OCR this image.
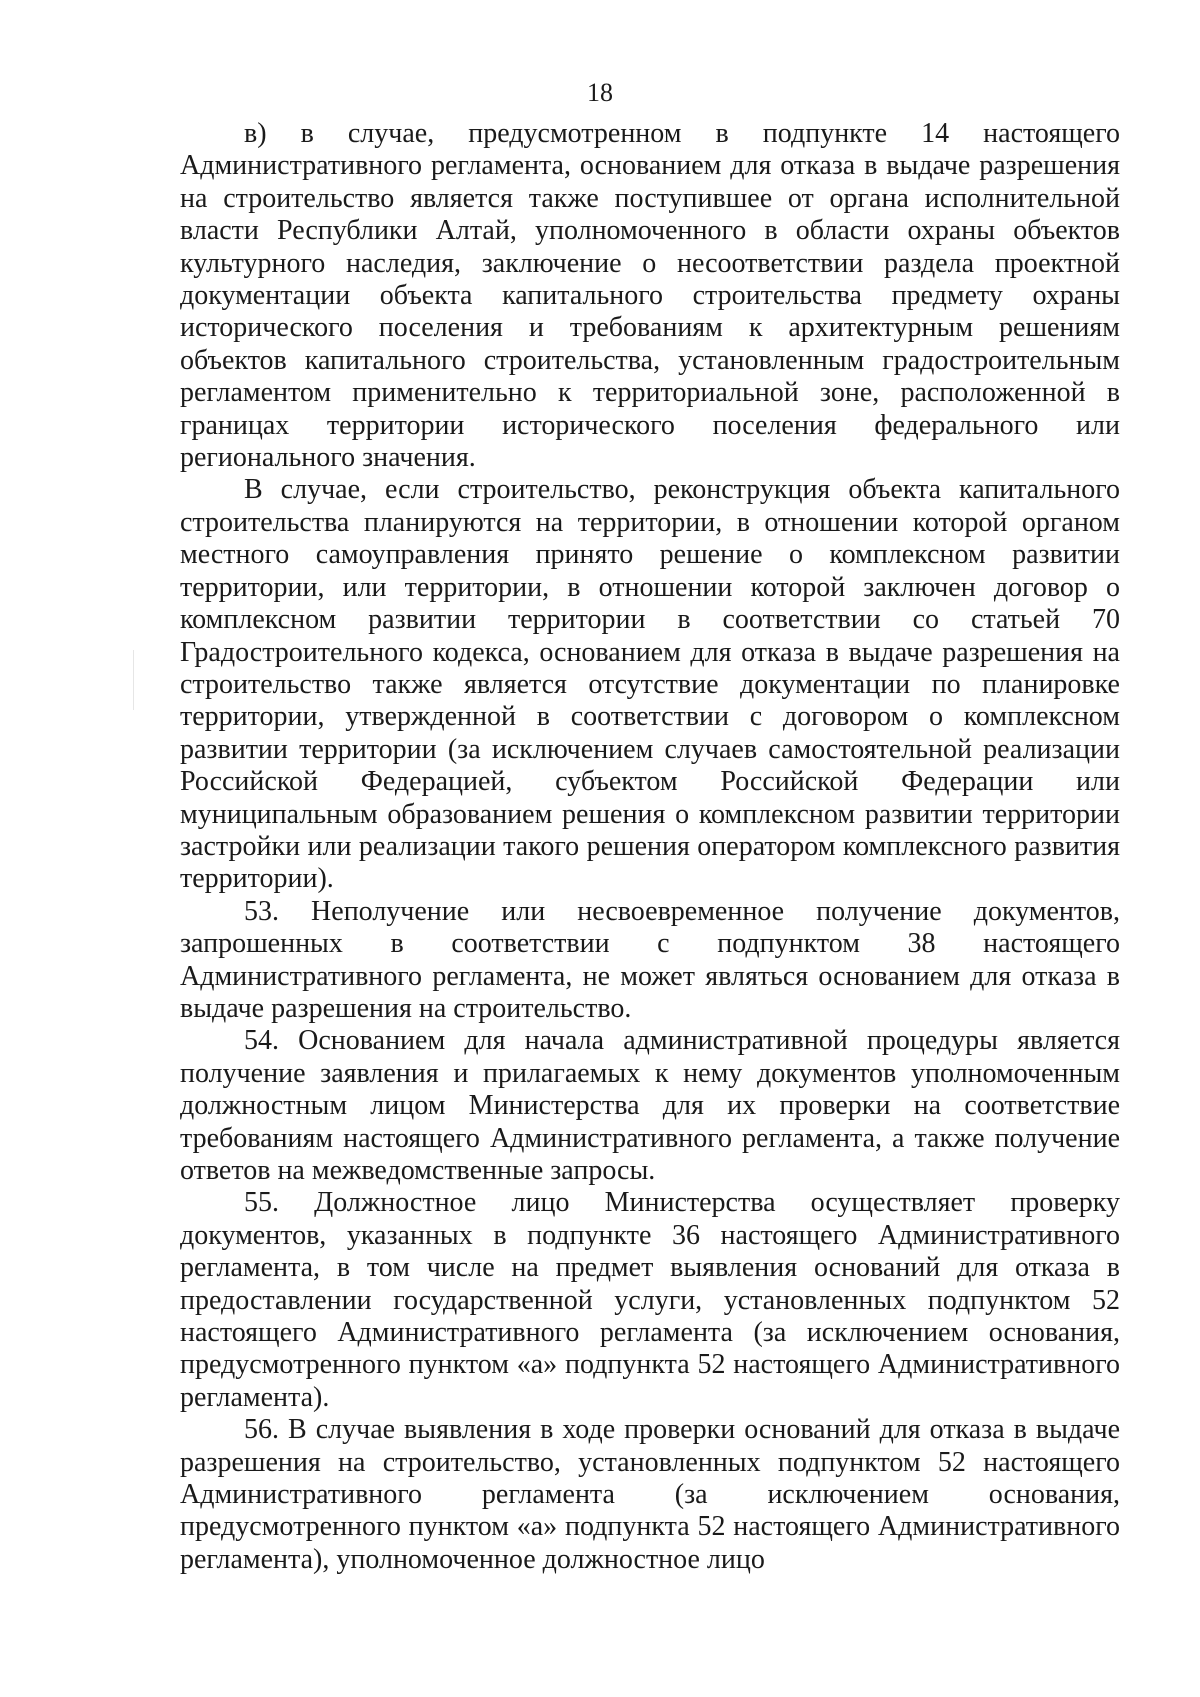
18

в) в случае, предусмотренном в подпункте 14 настоящего Административного регламента, основанием для отказа в выдаче разрешения на строительство является также поступившее от органа исполнительной власти Республики Алтай, уполномоченного в области охраны объектов культурного наследия, заключение о несоответствии раздела проектной документации объекта капитального строительства предмету охраны исторического поселения и требованиям к архитектурным решениям объектов капитального строительства, установленным градостроительным регламентом применительно к территориальной зоне, расположенной в границах территории исторического поселения федерального или регионального значения.

В случае, если строительство, реконструкция объекта капитального строительства планируются на территории, в отношении которой органом местного самоуправления принято решение о комплексном развитии территории, или территории, в отношении которой заключен договор о комплексном развитии территории в соответствии со статьей 70 Градостроительного кодекса, основанием для отказа в выдаче разрешения на строительство также является отсутствие документации по планировке территории, утвержденной в соответствии с договором о комплексном развитии территории (за исключением случаев самостоятельной реализации Российской Федерацией, субъектом Российской Федерации или муниципальным образованием решения о комплексном развитии территории застройки или реализации такого решения оператором комплексного развития территории).

53. Неполучение или несвоевременное получение документов, запрошенных в соответствии с подпунктом 38 настоящего Административного регламента, не может являться основанием для отказа в выдаче разрешения на строительство.

54. Основанием для начала административной процедуры является получение заявления и прилагаемых к нему документов уполномоченным должностным лицом Министерства для их проверки на соответствие требованиям настоящего Административного регламента, а также получение ответов на межведомственные запросы.

55. Должностное лицо Министерства осуществляет проверку документов, указанных в подпункте 36 настоящего Административного регламента, в том числе на предмет выявления оснований для отказа в предоставлении государственной услуги, установленных подпунктом 52 настоящего Административного регламента (за исключением основания, предусмотренного пунктом «а» подпункта 52 настоящего Административного регламента).

56. В случае выявления в ходе проверки оснований для отказа в выдаче разрешения на строительство, установленных подпунктом 52 настоящего Административного регламента (за исключением основания, предусмотренного пунктом «а» подпункта 52 настоящего Административного регламента), уполномоченное должностное лицо
